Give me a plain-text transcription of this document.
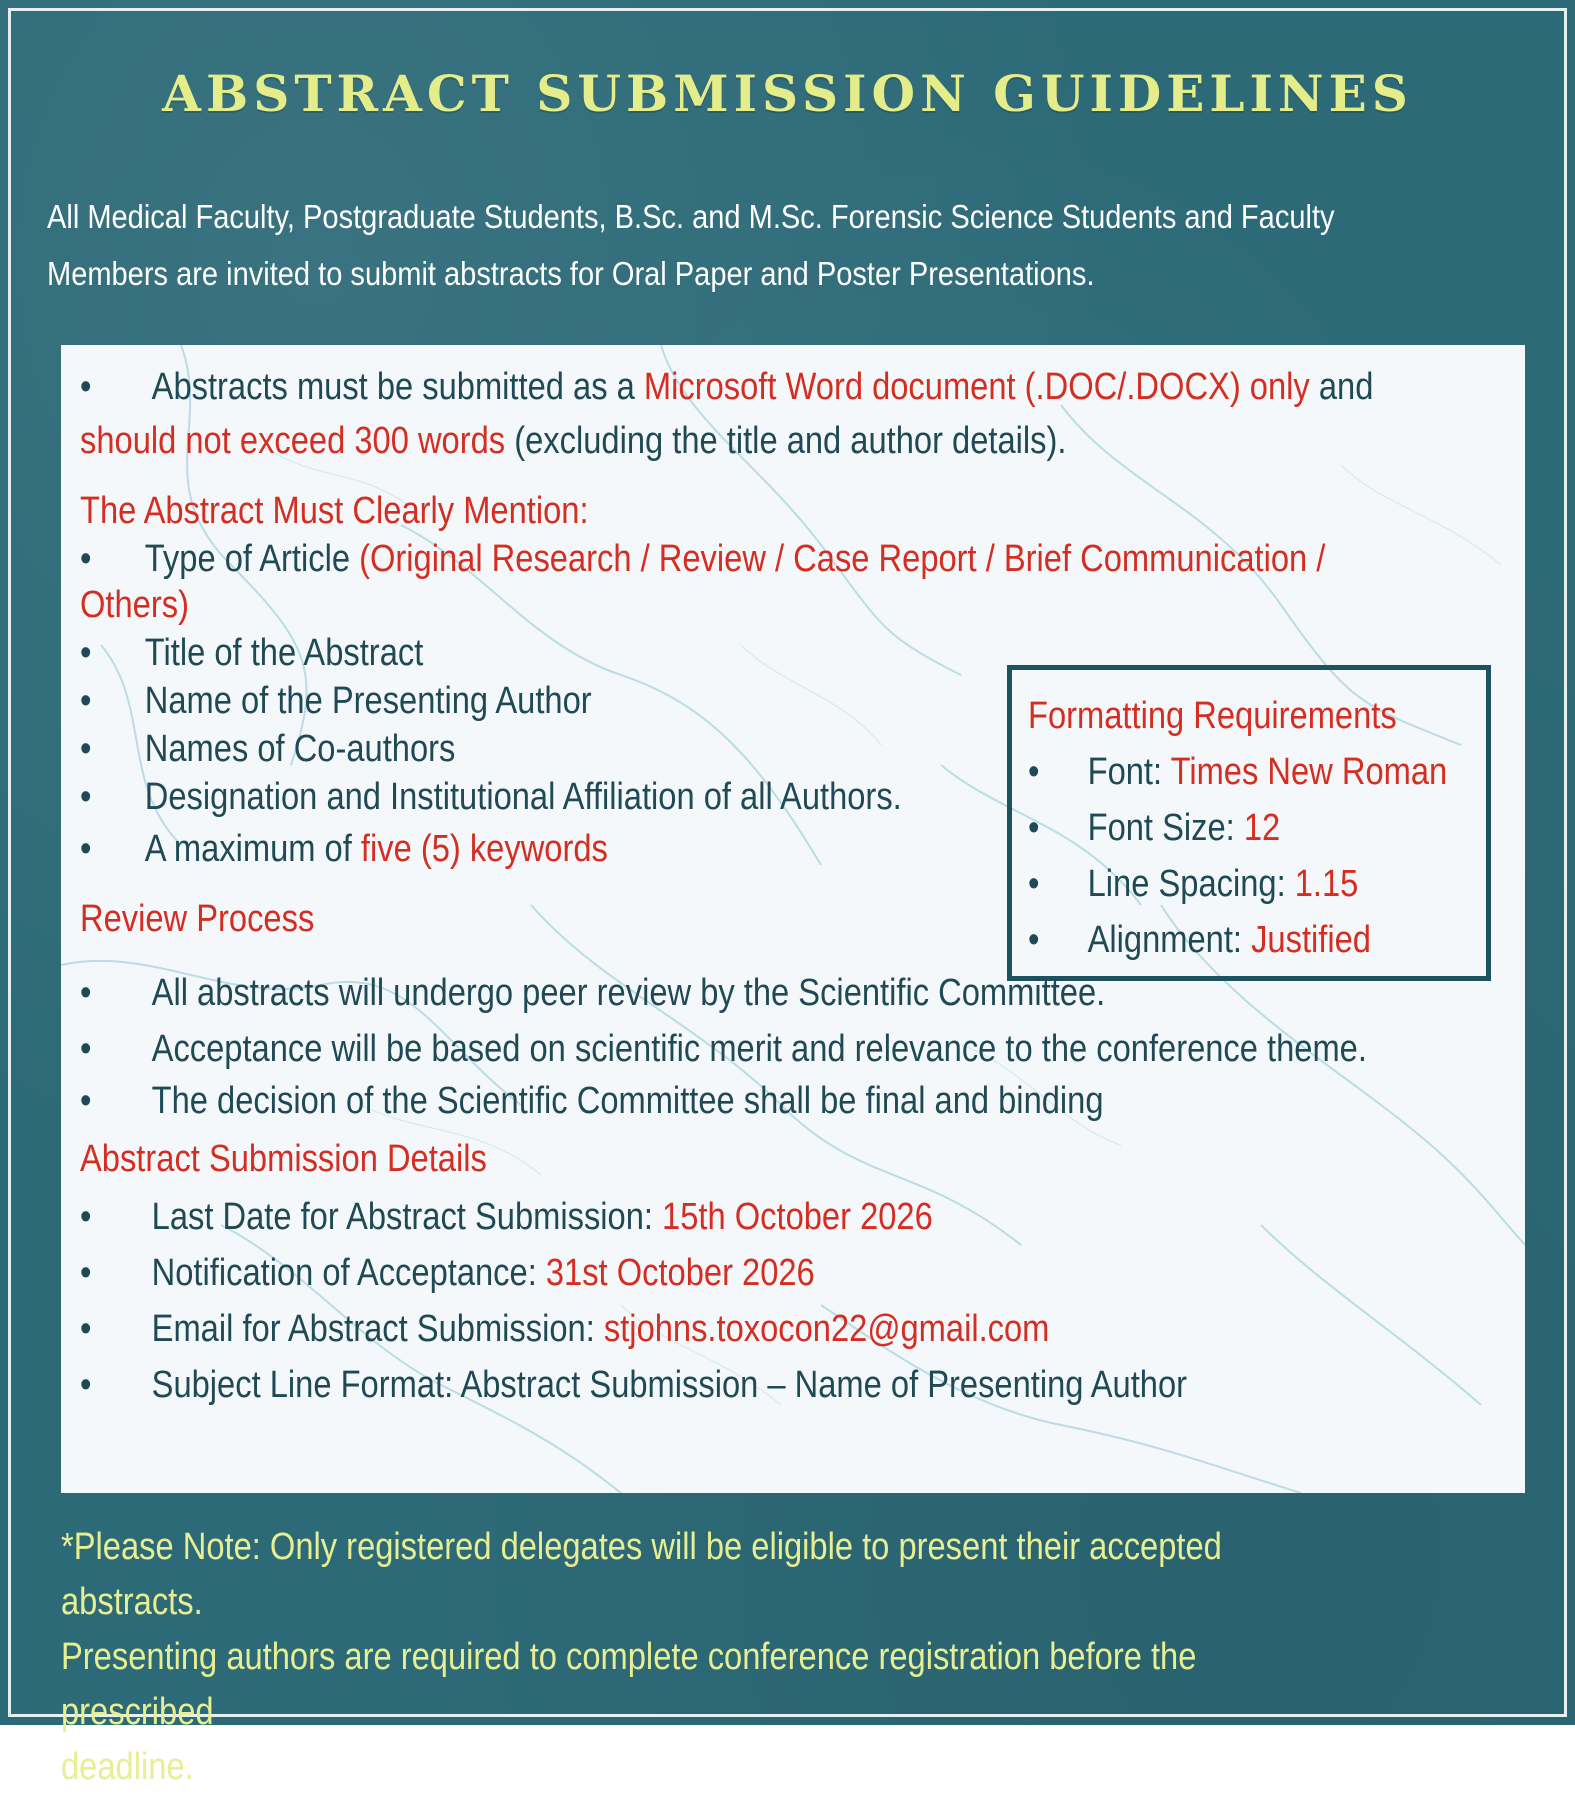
ABSTRACT SUBMISSION GUIDELINES
All Medical Faculty, Postgraduate Students, B.Sc. and M.Sc. Forensic Science Students and Faculty
Members are invited to submit abstracts for Oral Paper and Poster Presentations.
• Abstracts must be submitted as a Microsoft Word document (.DOC/.DOCX) only and
should not exceed 300 words (excluding the title and author details).
The Abstract Must Clearly Mention:
• Type of Article (Original Research / Review / Case Report / Brief Communication /
Others)
• Title of the Abstract
• Name of the Presenting Author
• Names of Co-authors
• Designation and Institutional Affiliation of all Authors.
• A maximum of five (5) keywords
Formatting Requirements
• Font: Times New Roman
• Font Size: 12
• Line Spacing: 1.15
• Alignment: Justified
Review Process
• All abstracts will undergo peer review by the Scientific Committee.
• Acceptance will be based on scientific merit and relevance to the conference theme.
• The decision of the Scientific Committee shall be final and binding
Abstract Submission Details
• Last Date for Abstract Submission: 15th October 2026
• Notification of Acceptance: 31st October 2026
• Email for Abstract Submission: stjohns.toxocon22@gmail.com
• Subject Line Format: Abstract Submission – Name of Presenting Author
*Please Note: Only registered delegates will be eligible to present their accepted abstracts.
Presenting authors are required to complete conference registration before the prescribed
deadline.
